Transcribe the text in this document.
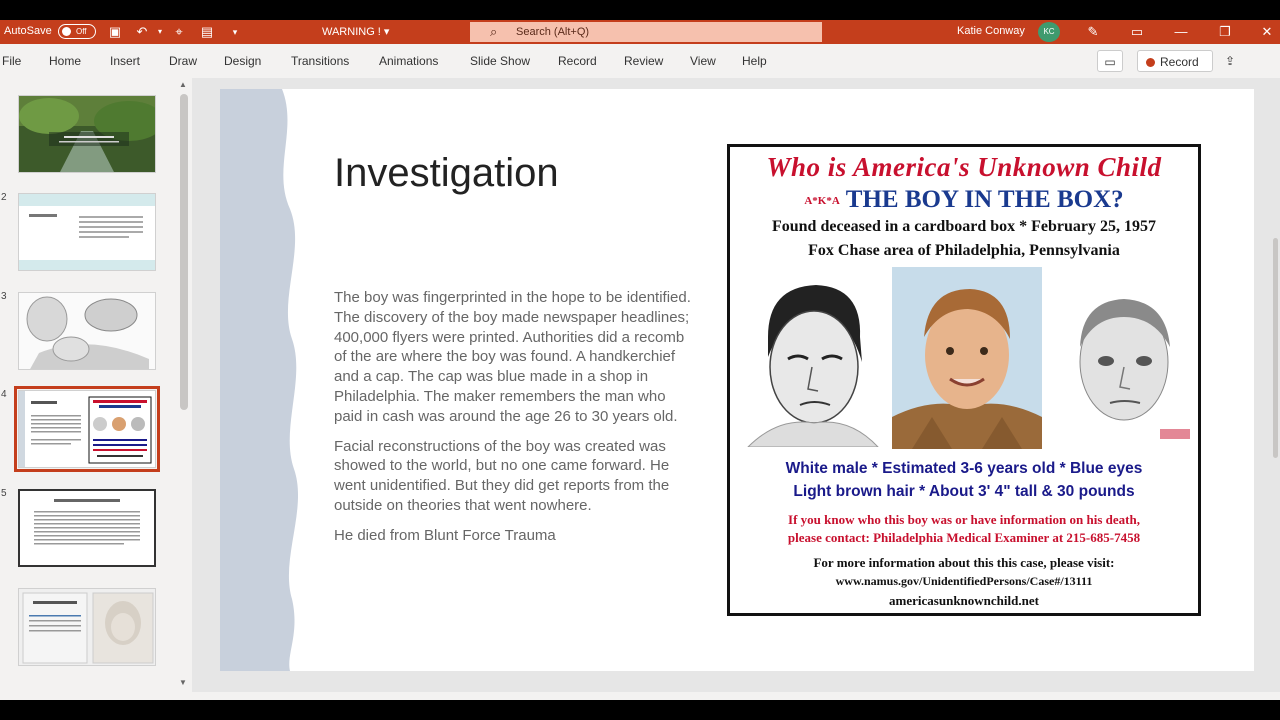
AutoSave	Off	▣ ↶	▾	⌖	▤	▾	WARNING ! ▾	⌕ Search (Alt+Q)	Katie Conway	KC	✎ ▭ — ❐ ✕
File Home Insert Draw Design Transitions Animations	Slide Show Record Review View Help	▭	Record	⇪
2
3
4
5
▲
▼
Investigation

The boy was fingerprinted in the hope to be identified. The discovery of the boy made newspaper headlines; 400,000 flyers were printed. Authorities did a recomb of the are where the boy was found. A handkerchief and a cap. The cap was blue made in a shop in Philadelphia. The maker remembers the man who paid in cash was around the age 26 to 30 years old.

Facial reconstructions of the boy was created was showed to the world, but no one came forward. He went unidentified. But they did get reports from the outside on theories that went nowhere.

He died from Blunt Force Trauma

Who is America's Unknown Child
A*K*A THE BOY IN THE BOX?
Found deceased in a cardboard box * February 25, 1957
Fox Chase area of Philadelphia, Pennsylvania
White male * Estimated 3-6 years old * Blue eyes
Light brown hair * About 3' 4" tall & 30 pounds
If you know who this boy was or have information on his death,
please contact: Philadelphia Medical Examiner at 215-685-7458
For more information about this this case, please visit:
www.namus.gov/UnidentifiedPersons/Case#/13111
americasunknownchild.net
